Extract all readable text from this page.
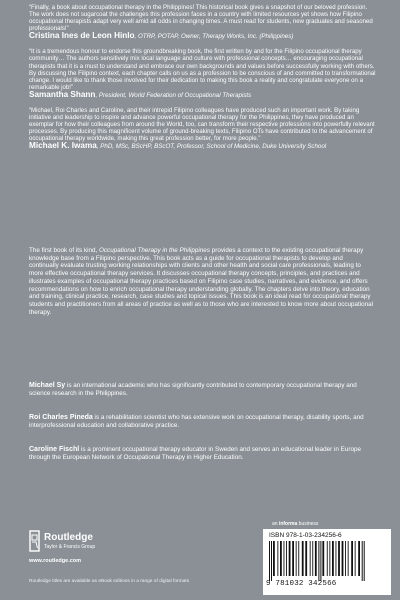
“Finally, a book about occupational therapy in the Philippines! This historical book gives a snapshot of our beloved profession. The work does not sugarcoat the challenges this profession faces in a country with limited resources yet shows how Filipino occupational therapists adapt very well amid all odds in changing times. A must read for students, new graduates and seasoned professionals!”

Cristina Ines de Leon Hinlo, OTRP, POTAP, Owner, Therapy Works, Inc. (Philippines)

“It is a tremendous honour to endorse this groundbreaking book, the first written by and for the Filipino occupational therapy community… The authors sensitively mix local language and culture with professional concepts… encouraging occupational therapists that it is a must to understand and embrace our own backgrounds and values before successfully working with others. By discussing the Filipino context, each chapter calls on us as a profession to be conscious of and committed to transformational change. I would like to thank those involved for their dedication to making this book a reality and congratulate everyone on a remarkable job!”

Samantha Shann, President, World Federation of Occupational Therapists

“Michael, Roi Charles and Caroline, and their intrepid Filipino colleagues have produced such an important work. By taking initiative and leadership to inspire and advance powerful occupational therapy for the Philippines, they have produced an exemplar for how their colleagues from around the World, too, can transform their respective professions into powerfully relevant processes. By producing this magnificent volume of ground-breaking texts, Filipino OTs have contributed to the advancement of occupational therapy worldwide, making this great profession better, for more people.”

Michael K. Iwama, PhD, MSc, BScHP, BScOT, Professor, School of Medicine, Duke University School

The first book of its kind, Occupational Therapy in the Philippines provides a context to the existing occupational therapy knowledge base from a Filipino perspective. This book acts as a guide for occupational therapists to develop and continually evaluate trusting working relationships with clients and other health and social care professionals, leading to more effective occupational therapy services. It discusses occupational therapy concepts, principles, and practices and illustrates examples of occupational therapy practices based on Filipino case studies, narratives, and evidence, and offers recommendations on how to enrich occupational therapy understanding globally. The chapters delve into theory, education and training, clinical practice, research, case studies and topical issues. This book is an ideal read for occupational therapy students and practitioners from all areas of practice as well as to those who are interested to know more about occupational therapy.

Michael Sy is an international academic who has significantly contributed to contemporary occupational therapy and science research in the Philippines.

Roi Charles Pineda is a rehabilitation scientist who has extensive work on occupational therapy, disability sports, and interprofessional education and collaborative practice.

Caroline Fischl is a prominent occupational therapy educator in Sweden and serves an educational leader in Europe through the European Network of Occupational Therapy in Higher Education.

Routledge
Taylor & Francis Group
www.routledge.com
Routledge titles are available as eBook editions in a range of digital formats
an informa business
ISBN 978-1-03-234256-6
9 781032 342566
